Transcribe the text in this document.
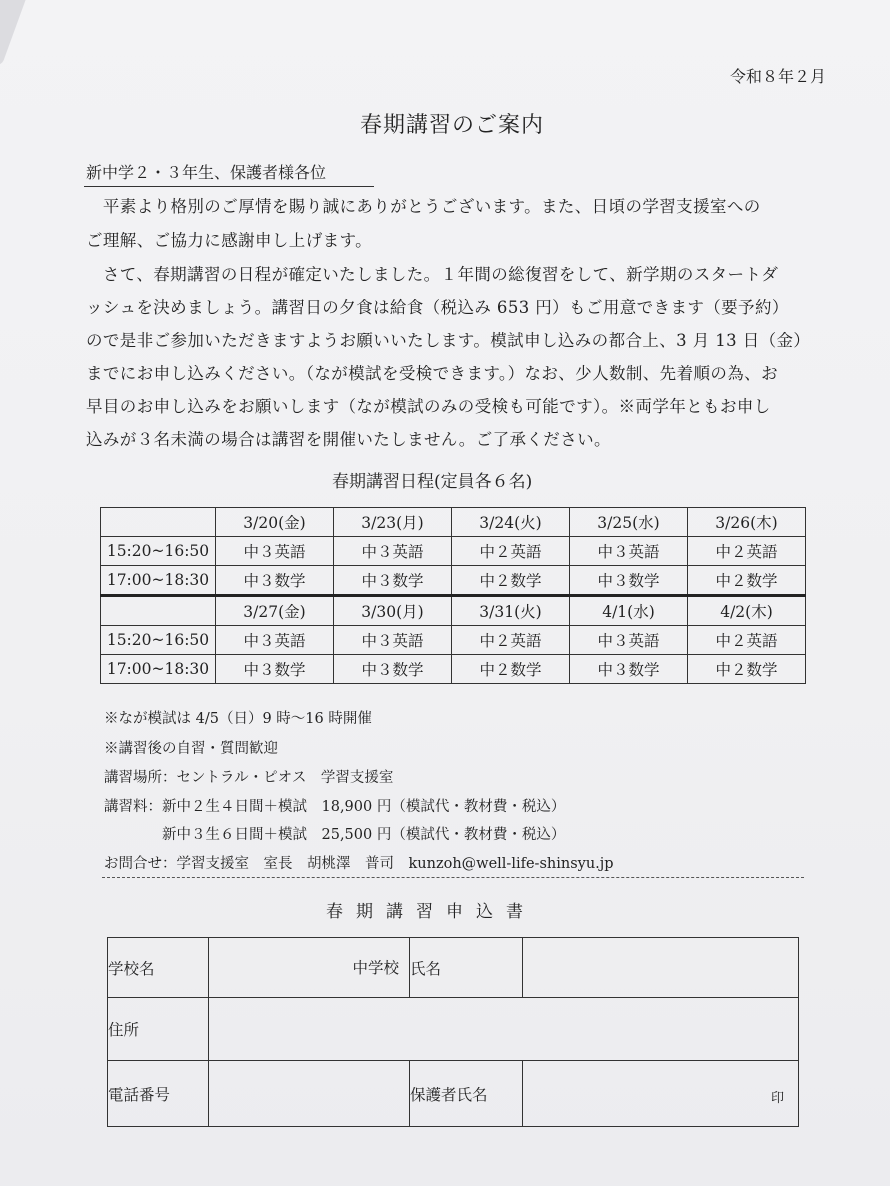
令和８年２月
春期講習のご案内
新中学２・３年生、保護者様各位
　平素より格別のご厚情を賜り誠にありがとうございます。また、日頃の学習支援室への
ご理解、ご協力に感謝申し上げます。
　さて、春期講習の日程が確定いたしました。１年間の総復習をして、新学期のスタートダ
ッシュを決めましょう。講習日の夕食は給食（税込み 653 円）もご用意できます（要予約）
ので是非ご参加いただきますようお願いいたします。模試申し込みの都合上、3 月 13 日（金）
までにお申し込みください。（なが模試を受検できます。）なお、少人数制、先着順の為、お
早目のお申し込みをお願いします（なが模試のみの受検も可能です）。※両学年ともお申し
込みが３名未満の場合は講習を開催いたしません。ご了承ください。
春期講習日程(定員各６名)
	3/20(金)	3/23(月)	3/24(火)	3/25(水)	3/26(木)
15:20~16:50	中３英語	中３英語	中２英語	中３英語	中２英語
17:00~18:30	中３数学	中３数学	中２数学	中３数学	中２数学
	3/27(金)	3/30(月)	3/31(火)	4/1(水)	4/2(木)
15:20~16:50	中３英語	中３英語	中２英語	中３英語	中２英語
17:00~18:30	中３数学	中３数学	中２数学	中３数学	中２数学
※なが模試は 4/5（日）9 時〜16 時開催
※講習後の自習・質問歓迎
講習場所：セントラル・ピオス　学習支援室
講習料：新中２生４日間＋模試　18,900 円（模試代・教材費・税込）
　　　　新中３生６日間＋模試　25,500 円（模試代・教材費・税込）
お問合せ：学習支援室　室長　胡桃澤　普司　kunzoh@well-life-shinsyu.jp
春期講習申込書
学校名	中学校	氏名	
住所			
電話番号		保護者氏名	印
